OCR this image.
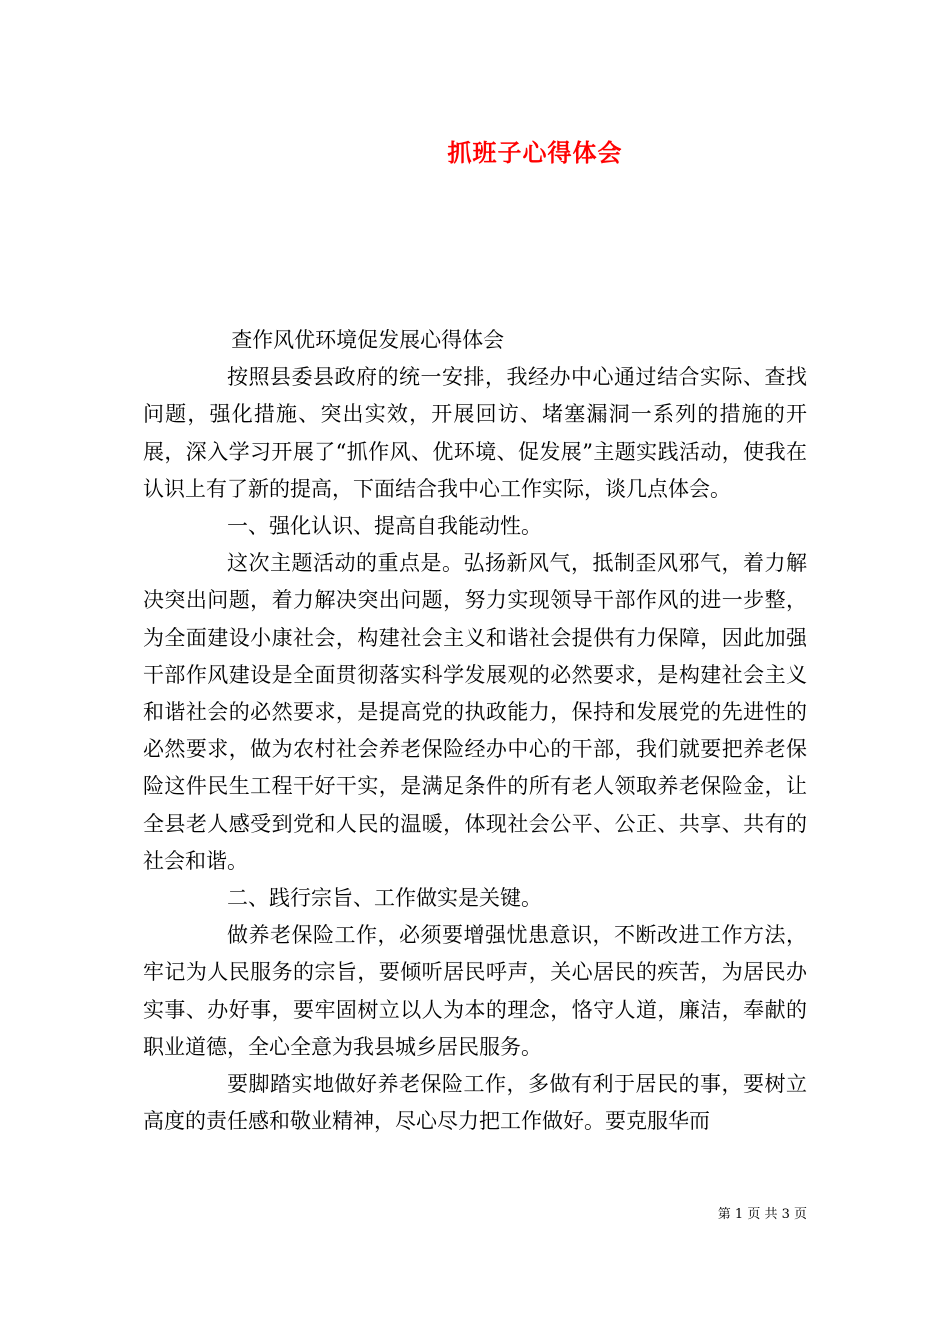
抓班子心得体会

查作风优环境促发展心得体会

按照县委县政府的统一安排，我经办中心通过结合实际、查找问题，强化措施、突出实效，开展回访、堵塞漏洞一系列的措施的开展，深入学习开展了“抓作风、优环境、促发展”主题实践活动，使我在认识上有了新的提高，下面结合我中心工作实际，谈几点体会。

一、强化认识、提高自我能动性。

这次主题活动的重点是。弘扬新风气，抵制歪风邪气，着力解决突出问题，着力解决突出问题，努力实现领导干部作风的进一步整，为全面建设小康社会，构建社会主义和谐社会提供有力保障，因此加强干部作风建设是全面贯彻落实科学发展观的必然要求，是构建社会主义和谐社会的必然要求，是提高党的执政能力，保持和发展党的先进性的必然要求，做为农村社会养老保险经办中心的干部，我们就要把养老保险这件民生工程干好干实，是满足条件的所有老人领取养老保险金，让全县老人感受到党和人民的温暖，体现社会公平、公正、共享、共有的社会和谐。

二、践行宗旨、工作做实是关键。

做养老保险工作，必须要增强忧患意识，不断改进工作方法，牢记为人民服务的宗旨，要倾听居民呼声，关心居民的疾苦，为居民办实事、办好事，要牢固树立以人为本的理念，恪守人道，廉洁，奉献的职业道德，全心全意为我县城乡居民服务。

要脚踏实地做好养老保险工作，多做有利于居民的事，要树立高度的责任感和敬业精神，尽心尽力把工作做好。要克服华而

第 1 页 共 3 页
